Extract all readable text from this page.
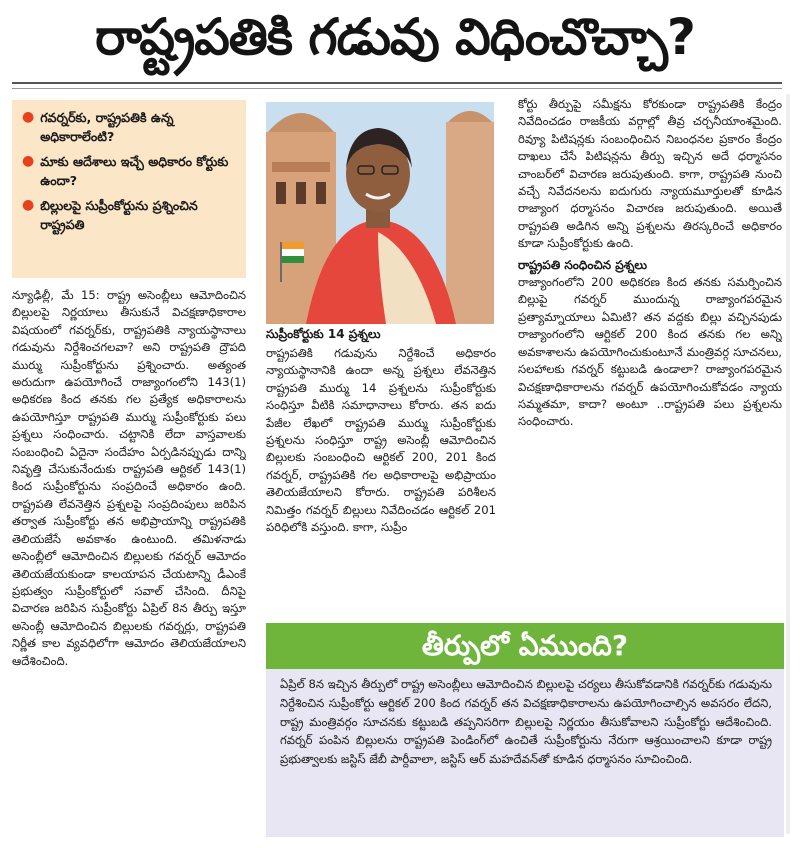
రాష్ట్రపతికి గడువు విధించొచ్చా?
● గవర్నర్‌కు, రాష్ట్రపతికి ఉన్న అధికారాలేంటి?
● మాకు ఆదేశాలు ఇచ్చే అధికారం కోర్టుకు ఉందా?
● బిల్లులపై సుప్రీంకోర్టును ప్రశ్నించిన రాష్ట్రపతి

న్యూఢిల్లీ, మే 15: రాష్ట్ర అసెంబ్లీలు ఆమోదించిన బిల్లులపై నిర్ణయాలు తీసుకునే విచక్షణాధికారాల విషయంలో గవర్నర్‌కు, రాష్ట్రపతికి న్యాయస్థానాలు గడువును నిర్దేశించగలవా? అని రాష్ట్రపతి ద్రౌపది ముర్ము సుప్రీంకోర్టును ప్రశ్నించారు. అత్యంత అరుదుగా ఉపయోగించే రాజ్యాంగంలోని 143(1) అధికరణ కింద తనకు గల ప్రత్యేక అధికారాలను ఉపయోగిస్తూ రాష్ట్రపతి ముర్ము సుప్రీంకోర్టుకు పలు ప్రశ్నలు సంధించారు. చట్టానికి లేదా వాస్తవాలకు సంబంధించి ఏదైనా సందేహం ఏర్పడినప్పుడు దాన్ని నివృత్తి చేసుకునేందుకు రాష్ట్రపతి ఆర్టికల్‌ 143(1) కింద సుప్రీంకోర్టును సంప్రదించే అధికారం ఉంది. రాష్ట్రపతి లేవనెత్తిన ప్రశ్నలపై సంప్రదింపులు జరిపిన తర్వాత సుప్రీంకోర్టు తన అభిప్రాయాన్ని రాష్ట్రపతికి తెలియజేసే అవకాశం ఉంటుంది. తమిళనాడు అసెంబ్లీలో ఆమోదించిన బిల్లులకు గవర్నర్‌ ఆమోదం తెలియజేయకుండా కాలయాపన చేయటాన్ని డీఎంకే ప్రభుత్వం సుప్రీంకోర్టులో సవాల్‌ చేసింది. దీనిపై విచారణ జరిపిన సుప్రీంకోర్టు ఏప్రిల్‌ 8న తీర్పు ఇస్తూ అసెంబ్లీ ఆమోదించిన బిల్లులకు గవర్నర్లు, రాష్ట్రపతి నిర్ణీత కాల వ్యవధిలోగా ఆమోదం తెలియజేయాలని ఆదేశించింది.

సుప్రీంకోర్టుకు 14 ప్రశ్నలు

రాష్ట్రపతికి గడువును నిర్దేశించే అధికారం న్యాయస్థానానికి ఉందా అన్న ప్రశ్నలు లేవనెత్తిన రాష్ట్రపతి ముర్ము 14 ప్రశ్నలను సుప్రీంకోర్టుకు సంధిస్తూ వీటికి సమాధానాలు కోరారు. తన ఐదు పేజీల లేఖలో రాష్ట్రపతి ముర్ము సుప్రీంకోర్టుకు ప్రశ్నలను సంధిస్తూ రాష్ట్ర అసెంబ్లీ ఆమోదించిన బిల్లులకు సంబంధించి ఆర్టికల్‌ 200, 201 కింద గవర్నర్‌, రాష్ట్రపతికి గల అధికారాలపై అభిప్రాయం తెలియజేయాలని కోరారు. రాష్ట్రపతి పరిశీలన నిమిత్తం గవర్నర్‌ బిల్లులు నివేదించడం ఆర్టికల్‌ 201 పరిధిలోకి వస్తుంది. కాగా, సుప్రీం

కోర్టు తీర్పుపై సమీక్షను కోరకుండా రాష్ట్రపతికి కేంద్రం నివేదించడం రాజకీయ వర్గాల్లో తీవ్ర చర్చనీయాంశమైంది. రివ్యూ పిటిషన్లకు సంబంధించిన నిబంధనల ప్రకారం కేంద్రం దాఖలు చేసే పిటిషన్లను తీర్పు ఇచ్చిన అదే ధర్మాసనం చాంబర్‌లో విచారణ జరుపుతుంది. కాగా, రాష్ట్రపతి నుంచి వచ్చే నివేదనలను ఐదుగురు న్యాయమూర్తులతో కూడిన రాజ్యాంగ ధర్మాసనం విచారణ జరుపుతుంది. అయితే రాష్ట్రపతి అడిగిన అన్ని ప్రశ్నలను తిరస్కరించే అధికారం కూడా సుప్రీంకోర్టుకు ఉంది.

రాష్ట్రపతి సంధించిన ప్రశ్నలు

రాజ్యాంగంలోని 200 అధికరణ కింద తనకు సమర్పించిన బిల్లుపై గవర్నర్‌ ముందున్న రాజ్యాంగపరమైన ప్రత్యామ్నాయాలు ఏమిటి? తన వద్దకు బిల్లు వచ్చినపుడు రాజ్యాంగంలోని ఆర్టికల్‌ 200 కింద తనకు గల అన్ని అవకాశాలను ఉపయోగించుకుంటూనే మంత్రివర్గ సూచనలు, సలహాలకు గవర్నర్‌ కట్టుబడి ఉండాలా? రాజ్యాంగపరమైన విచక్షణాధికారాలను గవర్నర్‌ ఉపయోగించుకోవడం న్యాయ సమ్మతమా, కాదా? అంటూ ..రాష్ట్రపతి పలు ప్రశ్నలను సంధించారు.

తీర్పులో ఏముంది?

ఏప్రిల్‌ 8న ఇచ్చిన తీర్పులో రాష్ట్ర అసెంబ్లీలు ఆమోదించిన బిల్లులపై చర్యలు తీసుకోవడానికి గవర్నర్‌కు గడువును నిర్దేశించిన సుప్రీంకోర్టు ఆర్టికల్‌ 200 కింద గవర్నర్‌ తన విచక్షణాధికారాలను ఉపయోగించాల్సిన అవసరం లేదని, రాష్ట్ర మంత్రివర్గం సూచనకు కట్టుబడి తప్పనిసరిగా బిల్లులపై నిర్ణయం తీసుకోవాలని సుప్రీంకోర్టు ఆదేశించింది. గవర్నర్‌ పంపిన బిల్లులను రాష్ట్రపతి పెండింగ్‌లో ఉంచితే సుప్రీంకోర్టును నేరుగా ఆశ్రయించాలని కూడా రాష్ట్ర ప్రభుత్వాలకు జస్టిస్‌ జేబీ పార్దీవాలా, జస్టిస్‌ ఆర్‌ మహదేవన్‌తో కూడిన ధర్మాసనం సూచించింది.
